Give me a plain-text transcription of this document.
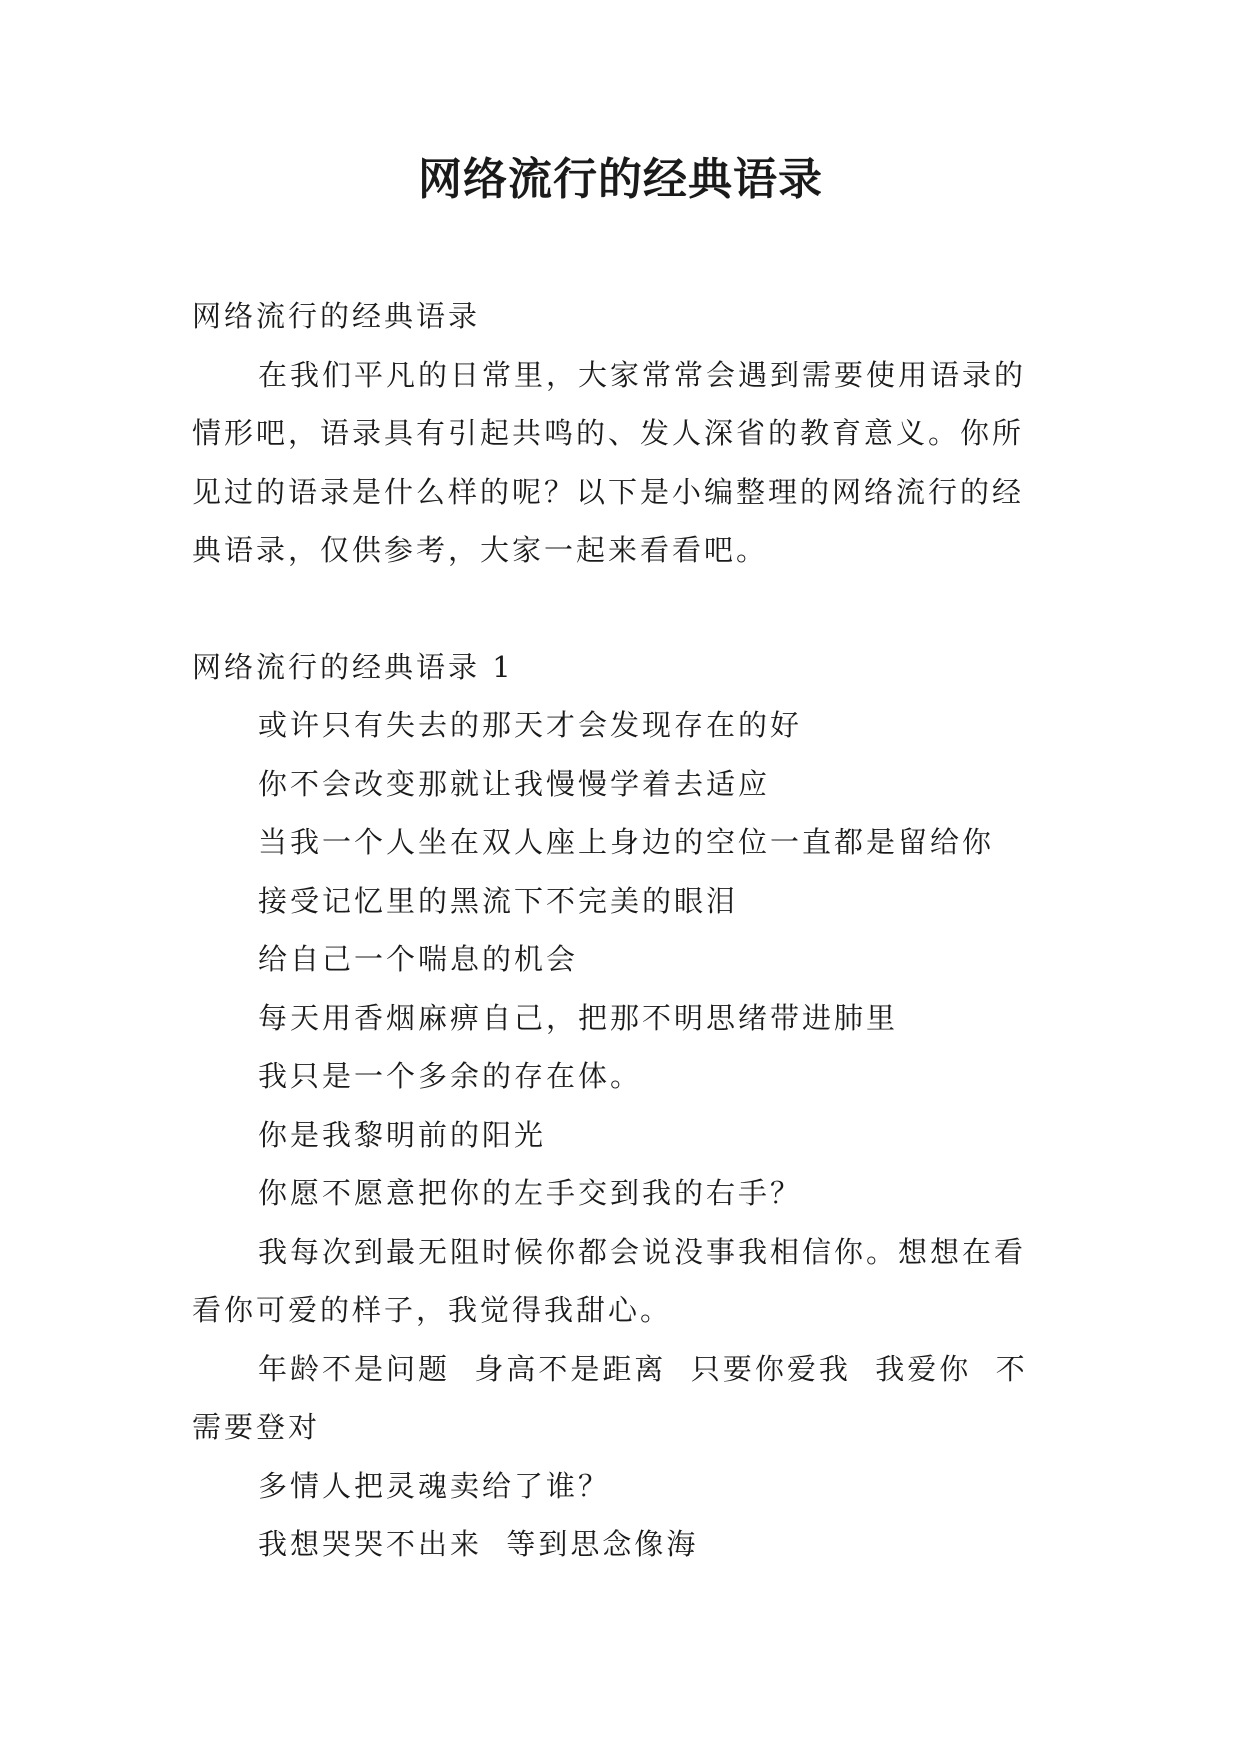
网络流行的经典语录

网络流行的经典语录

在我们平凡的日常里，大家常常会遇到需要使用语录的情形吧，语录具有引起共鸣的、发人深省的教育意义。你所见过的语录是什么样的呢？以下是小编整理的网络流行的经典语录，仅供参考，大家一起来看看吧。

网络流行的经典语录 1

或许只有失去的那天才会发现存在的好

你不会改变那就让我慢慢学着去适应

当我一个人坐在双人座上身边的空位一直都是留给你

接受记忆里的黑流下不完美的眼泪

给自己一个喘息的机会

每天用香烟麻痹自己，把那不明思绪带进肺里

我只是一个多余的存在体。

你是我黎明前的阳光

你愿不愿意把你的左手交到我的右手？

我每次到最无阻时候你都会说没事我相信你。想想在看看你可爱的样子，我觉得我甜心。

年龄不是问题  身高不是距离  只要你爱我  我爱你  不需要登对

多情人把灵魂卖给了谁？

我想哭哭不出来  等到思念像海
